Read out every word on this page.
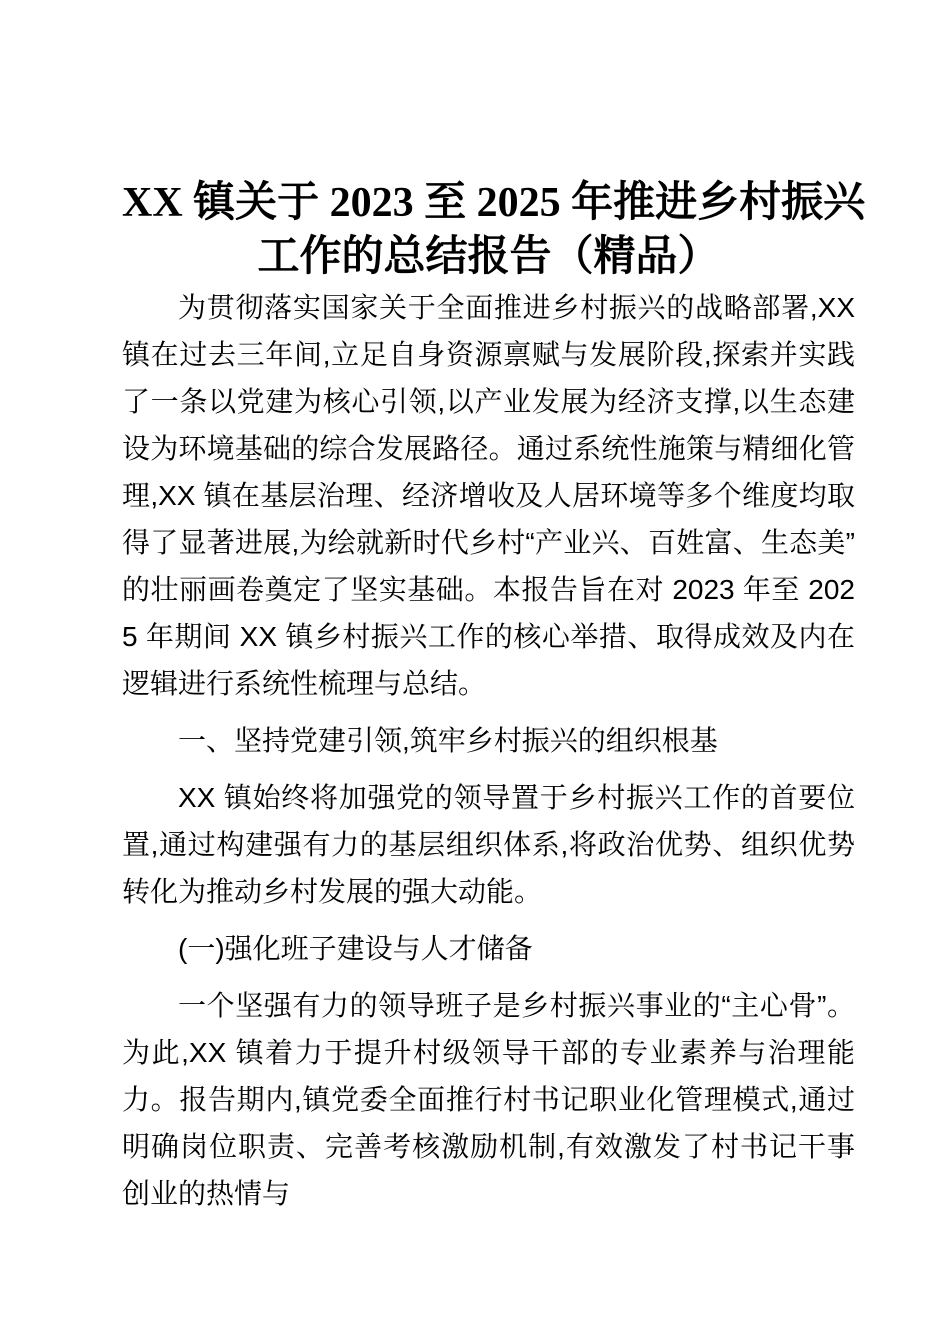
XX 镇关于 2023 至 2025 年推进乡村振兴
工作的总结报告（精品）

为贯彻落实国家关于全面推进乡村振兴的战略部署,XX 镇在过去三年间,立足自身资源禀赋与发展阶段,探索并实践了一条以党建为核心引领,以产业发展为经济支撑,以生态建设为环境基础的综合发展路径。通过系统性施策与精细化管理,XX 镇在基层治理、经济增收及人居环境等多个维度均取得了显著进展,为绘就新时代乡村“产业兴、百姓富、生态美”的壮丽画卷奠定了坚实基础。本报告旨在对 2023 年至 2025 年期间 XX 镇乡村振兴工作的核心举措、取得成效及内在逻辑进行系统性梳理与总结。

一、坚持党建引领,筑牢乡村振兴的组织根基

XX 镇始终将加强党的领导置于乡村振兴工作的首要位置,通过构建强有力的基层组织体系,将政治优势、组织优势转化为推动乡村发展的强大动能。

(一)强化班子建设与人才储备

一个坚强有力的领导班子是乡村振兴事业的“主心骨”。为此,XX 镇着力于提升村级领导干部的专业素养与治理能力。报告期内,镇党委全面推行村书记职业化管理模式,通过明确岗位职责、完善考核激励机制,有效激发了村书记干事创业的热情与
